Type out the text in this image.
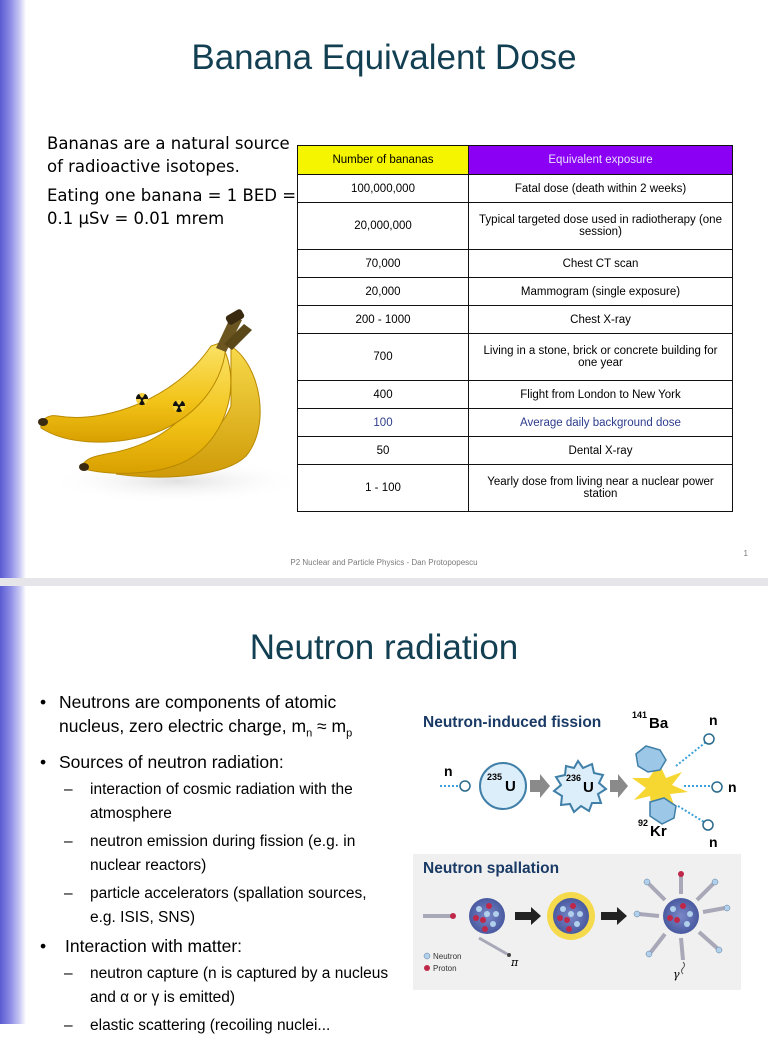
Banana Equivalent Dose

Bananas are a natural source of radioactive isotopes.

Eating one banana = 1 BED = 0.1 μSv = 0.01 mrem

Number of bananas	Equivalent exposure
100,000,000	Fatal dose (death within 2 weeks)
20,000,000	Typical targeted dose used in radiotherapy (one session)
70,000	Chest CT scan
20,000	Mammogram (single exposure)
200 - 1000	Chest X-ray
700	Living in a stone, brick or concrete building for one year
400	Flight from London to New York
100	Average daily background dose
50	Dental X-ray
1 - 100	Yearly dose from living near a nuclear power station
P2 Nuclear and Particle Physics - Dan Protopopescu
1
Neutron radiation
• Neutrons are components of atomic nucleus, zero electric charge, $m_n \approx m_p$
• Sources of neutron radiation:
– interaction of cosmic radiation with the atmosphere
– neutron emission during fission (e.g. in nuclear reactors)
– particle accelerators (spallation sources, e.g. ISIS, SNS)
• Interaction with matter:
– neutron capture (n is captured by a nucleus and α or γ is emitted)
– elastic scattering (recoiling nuclei...
Neutron-induced fission
n	235
U	236
U
141 Ba
92 Kr
n
n
n
Neutron spallation
γ
π
Neutron
Proton
